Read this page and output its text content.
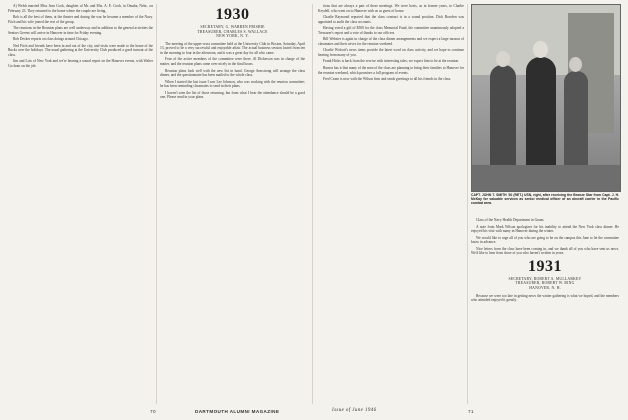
A) Welsh married Miss Jean Cook, daughter of Mr. and Mrs. A. E. Cook, in Omaha, Nebr., on February 23. They returned to the home where the couple are living.

Bob is all the best of them, at the theater and during the war he became a member of the Navy. Fitch and his wife joined the rest of the group.

The reunions in the Reunion plans are well underway and in addition to the general activities the Seniors Greens will arrive in Hanover in time for Friday evening.

Bob Decker reports on class doings around Chicago.

Ned Fitch and friends have been in and out of the city, and visits were made to the home of the Bucks over the holidays. The usual gathering at the University Club produced a good turnout of the class.

Jim and Lois of New York and we're hearing a sound report on the Hanover events, with Walter Cochran on the job.

1930
SECRETARY, G. WARREN FRISBIE
TREASURER, CHARLES S. WALLACE
NEW YORK, N. Y.

The meeting of the upper-crust committee held at the University Club in Boston, Saturday, April 13, proved to be a very successful and enjoyable affair. The actual business session lasted from ten in the morning to four in the afternoon, and it was a great day for all who came.

Four of the active members of the committee were there. Al Dickerson was in charge of the matter, and the reunion plans came over nicely in the final hours.

Reunion plans look well with the new list in hand. George Armstrong will arrange the class dinner, and the questionnaire has been mailed to the whole class.

When I started the last issue I saw Lee Johnson, who was working with the reunion committee; he has been reminding classmates to send in their plans.

I haven't seen the list of those returning, but from what I hear the attendance should be a good one. Please send in your plans.

tions that are always a part of these meetings. We were hosts, as in former years, to Charlie Keydell, who went on to Hanover with us as guest of honor.

Charlie Raymond reported that the class contract is in a sound position. Dick Bowden was appointed to audit the class accounts.

Having voted a gift of $500 for the class Memorial Fund, the committee unanimously adopted a Treasurer's report and a vote of thanks to our officers.

Bill Webster is again in charge of the class dinner arrangements and we expect a large turnout of classmates and their wives for the reunion weekend.

Charlie Wolcott's news items provide the latest word on class activity, and we hope to continue hearing from many of you.

Frank Hicks is back from the service with interesting tales; we expect him to be at the reunion.

Rumor has it that many of the men of the class are planning to bring their families to Hanover for the reunion weekend, which promises a full program of events.

Fred Crane is now with the Wilson firm and sends greetings to all his friends in the class.

CAPT. JOHN T. SMITH '30 (RET.) USN, right, after receiving the Bronze Star from Capt. J. H. McKay for valuable services as senior medical officer of an aircraft carrier in the Pacific combat area.

Class of the Navy Health Department in Guam.

A note from Mark Wilson apologizes for his inability to attend the New York class dinner. He enjoyed his visit with many in Hanover during the winter.

We would like to urge all of you who are going to be on the campus this June to let the committee know in advance.

Nice letters from the class have been coming in, and we thank all of you who have sent us news. We'd like to hear from those of you who haven't written in years.

1931
SECRETARY, ROBERT A. MULLARKEY
TREASURER, ROBERT W. RING
HANOVER, N. H.

Because we were too late in getting news the winter gathering is what we hoped, and the members who attended enjoyed it greatly.

70	DARTMOUTH ALUMNI MAGAZINE	Issue of June 1946	71
